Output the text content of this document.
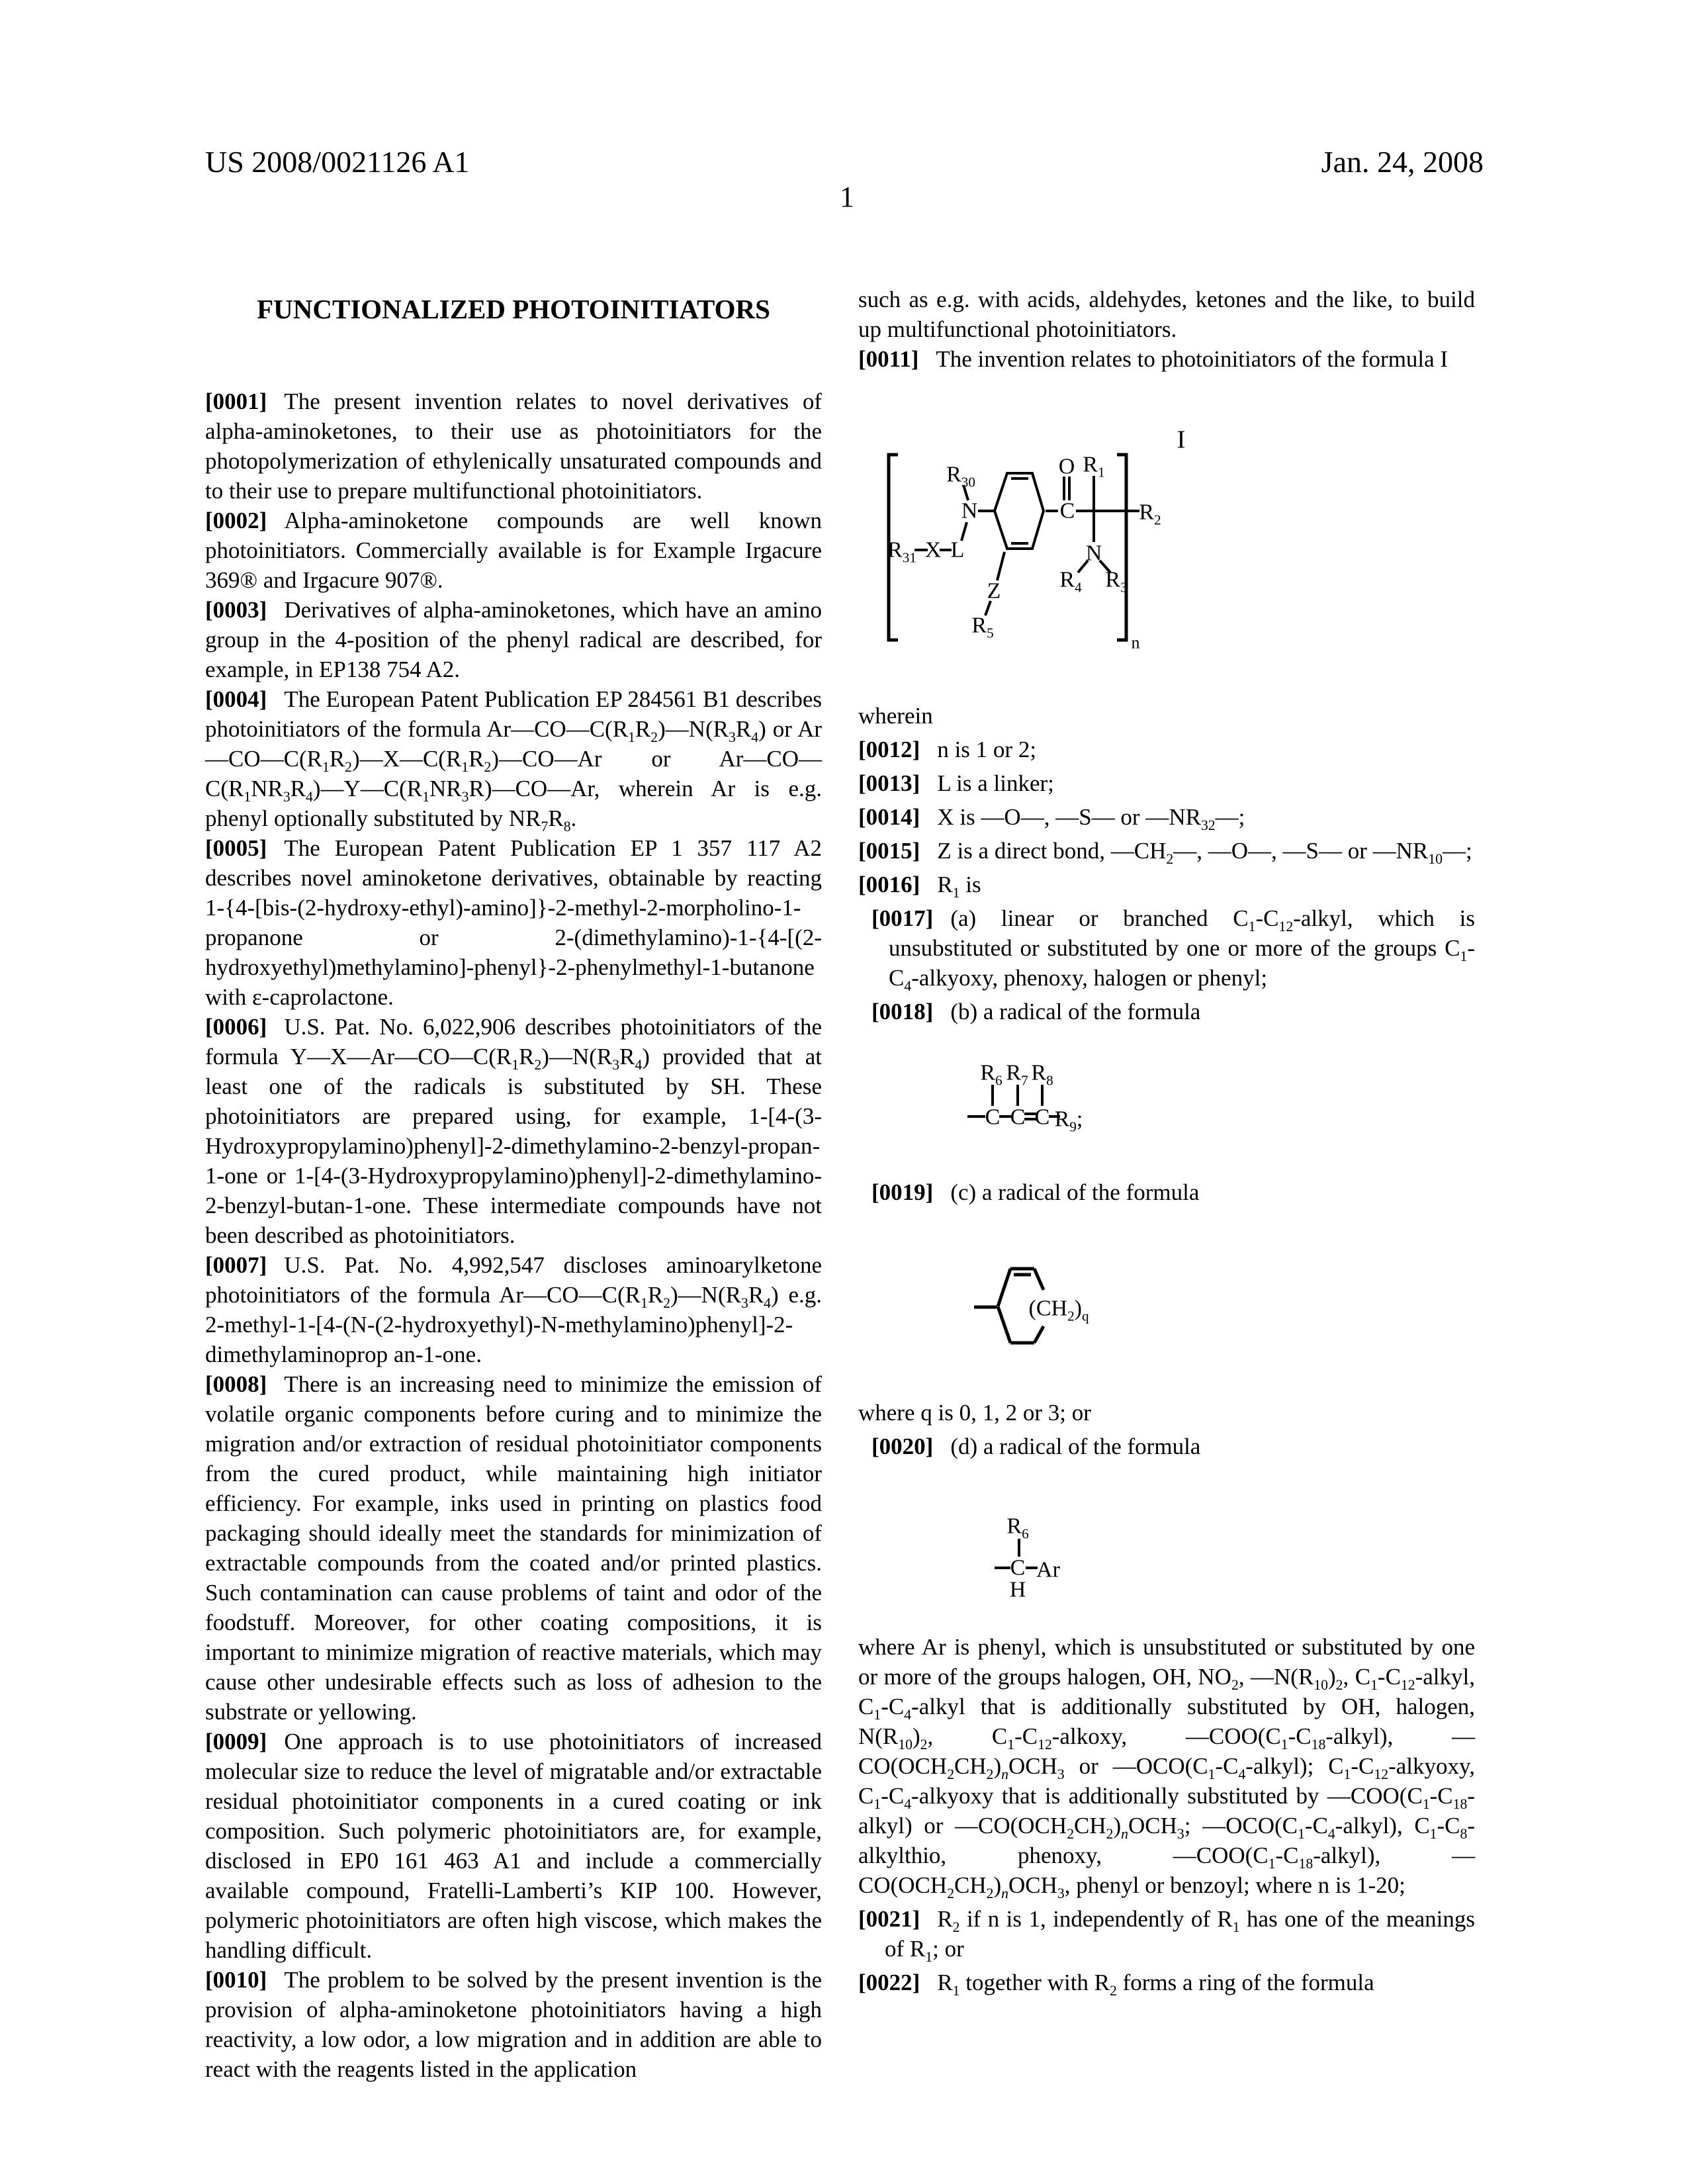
US 2008/0021126 A1	Jan. 24, 2008
1
FUNCTIONALIZED PHOTOINITIATORS

[0001] The present invention relates to novel derivatives of alpha-aminoketones, to their use as photoinitiators for the photopolymerization of ethylenically unsaturated compounds and to their use to prepare multifunctional photoinitiators.

[0002] Alpha-aminoketone compounds are well known photoinitiators. Commercially available is for Example Irgacure 369® and Irgacure 907®.

[0003] Derivatives of alpha-aminoketones, which have an amino group in the 4-position of the phenyl radical are described, for example, in EP138 754 A2.

[0004] The European Patent Publication EP 284561 B1 describes photoinitiators of the formula $Ar—CO—C(R_1R_2)—N(R_3R_4)$ or $Ar—CO—C(R_1R_2)—X—C(R_1R_2)—CO—Ar$ or $Ar—CO—C(R_1NR_3R_4)—Y—C(R_1NR_3R)—CO—Ar$, wherein Ar is e.g. phenyl optionally substituted by $NR_7R_8$.

[0005] The European Patent Publication EP 1 357 117 A2 describes novel aminoketone derivatives, obtainable by reacting 1-{4-[bis-(2-hydroxy-ethyl)-amino]}-2-methyl-2-morpholino-1-propanone or 2-(dimethylamino)-1-{4-[(2-hydroxyethyl)methylamino]-phenyl}-2-phenylmethyl-1-butanone with ε-caprolactone.

[0006] U.S. Pat. No. 6,022,906 describes photoinitiators of the formula $Y—X—Ar—CO—C(R_1R_2)—N(R_3R_4)$ provided that at least one of the radicals is substituted by SH. These photoinitiators are prepared using, for example, 1-[4-(3-Hydroxypropylamino)phenyl]-2-dimethylamino-2-benzyl-propan-1-one or 1-[4-(3-Hydroxypropylamino)phenyl]-2-dimethylamino-2-benzyl-butan-1-one. These intermediate compounds have not been described as photoinitiators.

[0007] U.S. Pat. No. 4,992,547 discloses aminoarylketone photoinitiators of the formula $Ar—CO—C(R_1R_2)—N(R_3R_4)$ e.g. 2-methyl-1-[4-(N-(2-hydroxyethyl)-N-methylamino)phenyl]-2-dimethylaminoprop an-1-one.

[0008] There is an increasing need to minimize the emission of volatile organic components before curing and to minimize the migration and/or extraction of residual photoinitiator components from the cured product, while maintaining high initiator efficiency. For example, inks used in printing on plastics food packaging should ideally meet the standards for minimization of extractable compounds from the coated and/or printed plastics. Such contamination can cause problems of taint and odor of the foodstuff. Moreover, for other coating compositions, it is important to minimize migration of reactive materials, which may cause other undesirable effects such as loss of adhesion to the substrate or yellowing.

[0009] One approach is to use photoinitiators of increased molecular size to reduce the level of migratable and/or extractable residual photoinitiator components in a cured coating or ink composition. Such polymeric photoinitiators are, for example, disclosed in EP0 161 463 A1 and include a commercially available compound, Fratelli-Lamberti’s KIP 100. However, polymeric photoinitiators are often high viscose, which makes the handling difficult.

[0010] The problem to be solved by the present invention is the provision of alpha-aminoketone photoinitiators having a high reactivity, a low odor, a low migration and in addition are able to react with the reagents listed in the application

such as e.g. with acids, aldehydes, ketones and the like, to build up multifunctional photoinitiators.

[0011] The invention relates to photoinitiators of the formula I

I
$R_{30}$
N
$R_{31}$ X L
Z
$R_5$
O
C
$R_1$
N
$R_4$ $R_3$
$R_2$
n

wherein

[0012] n is 1 or 2;

[0013] L is a linker;

[0014] X is —O—, —S— or $—NR_{32}—$;

[0015] Z is a direct bond, $—CH_2—$, —O—, —S— or $—NR_{10}—$;

[0016] $R_1$ is

[0017] (a) linear or branched $C_1-C_{12}$-alkyl, which is unsubstituted or substituted by one or more of the groups $C_1-C_4$-alkyoxy, phenoxy, halogen or phenyl;

[0018] (b) a radical of the formula

$R_6$ $R_7$ $R_8$
C C C $R_9$;

[0019] (c) a radical of the formula

$(CH_2)_q$

where q is 0, 1, 2 or 3; or

[0020] (d) a radical of the formula

$R_6$
C
H
Ar

where Ar is phenyl, which is unsubstituted or substituted by one or more of the groups halogen, OH, $NO_2$, $—N(R_{10})_2$, $C_1-C_{12}$-alkyl, $C_1-C_4$-alkyl that is additionally substituted by OH, halogen, $N(R_{10})_2$, $C_1-C_{12}$-alkoxy, $—COO(C_1-C_{18}-alkyl)$, $—CO(OCH_2CH_2)_nOCH_3$ or $—OCO(C_1-C_4-alkyl)$; $C_1-C_{12}$-alkyoxy, $C_1-C_4$-alkyoxy that is additionally substituted by $—COO(C_1-C_{18}-alkyl)$ or $—CO(OCH_2CH_2)_nOCH_3$; $—OCO(C_1-C_4-alkyl)$, $C_1-C_8$-alkylthio, phenoxy, $—COO(C_1-C_{18}-alkyl)$, $—CO(OCH_2CH_2)_nOCH_3$, phenyl or benzoyl; where n is 1-20;

[0021] $R_2$ if n is 1, independently of $R_1$ has one of the meanings of $R_1$; or

[0022] $R_1$ together with $R_2$ forms a ring of the formula
